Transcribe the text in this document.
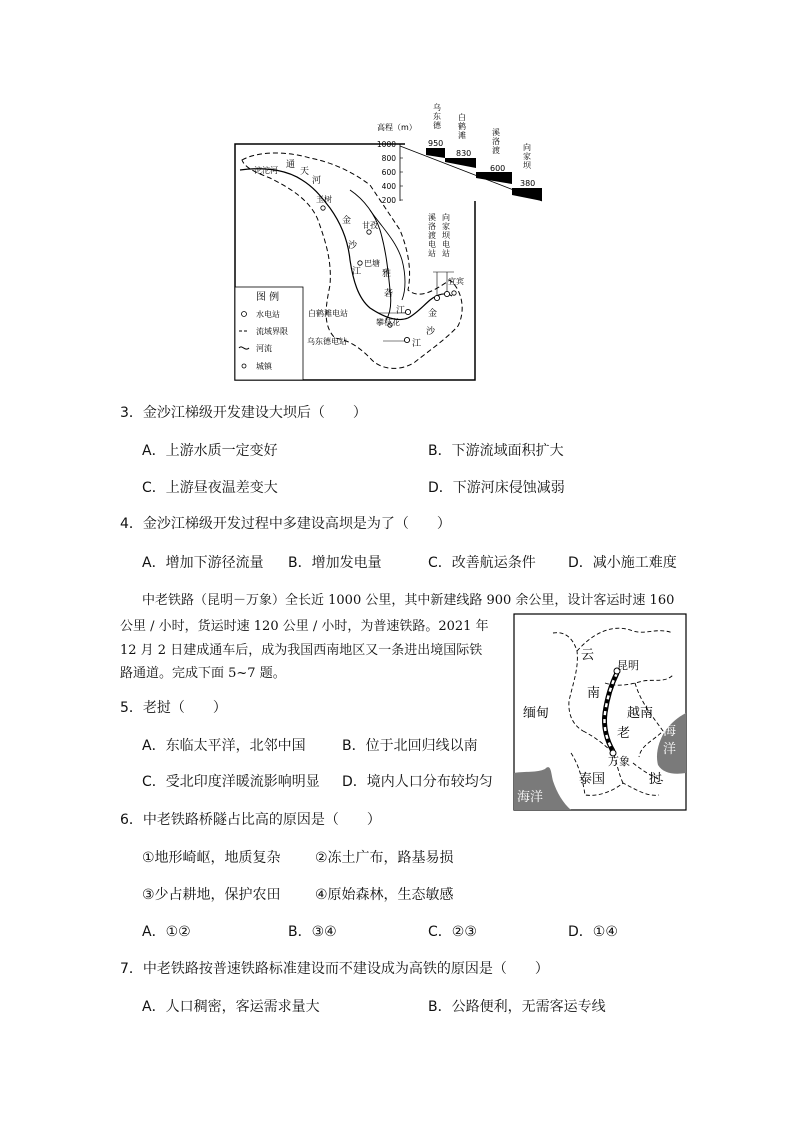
高程（m）
1000
800
600
400
200
乌东德
白鹤滩	溪洛渡	向家坝
950
830
600
380
沱沱河
通
天
河
玉树
金
沙
江
甘孜
巴塘
雅
砻
江
攀枝花
宜宾
金
沙
江
白鹤滩电站
乌东德电站
溪洛渡电站
向家坝电站
图 例
水电站
流域界限
河流
城镇
3．金沙江梯级开发建设大坝后（　　）
A．上游水质一定变好	B．下游流域面积扩大
C．上游昼夜温差变大	D．下游河床侵蚀减弱
4．金沙江梯级开发过程中多建设高坝是为了（　　）
A．增加下游径流量 B．增加发电量	C．改善航运条件 D．减小施工难度
中老铁路（昆明－万象）全长近 1000 公里，其中新建线路 900 余公里，设计客运时速 160
公里 / 小时，货运时速 120 公里 / 小时，为普速铁路。2021 年
12 月 2 日建成通车后，成为我国西南地区又一条进出境国际铁
路通道。完成下面 5~7 题。
云
南
昆明
缅甸	越南
老
挝
万象
泰国
海
洋
海洋
5．老挝（　　）
A．东临太平洋，北邻中国	B．位于北回归线以南
C．受北印度洋暖流影响明显 D．境内人口分布较均匀
6．中老铁路桥隧占比高的原因是（　　）
①地形崎岖，地质复杂 ②冻土广布，路基易损
③少占耕地，保护农田 ④原始森林，生态敏感
A．①②	B．③④	C．②③	D．①④
7．中老铁路按普速铁路标准建设而不建设成为高铁的原因是（　　）
A．人口稠密，客运需求量大	B．公路便利，无需客运专线
